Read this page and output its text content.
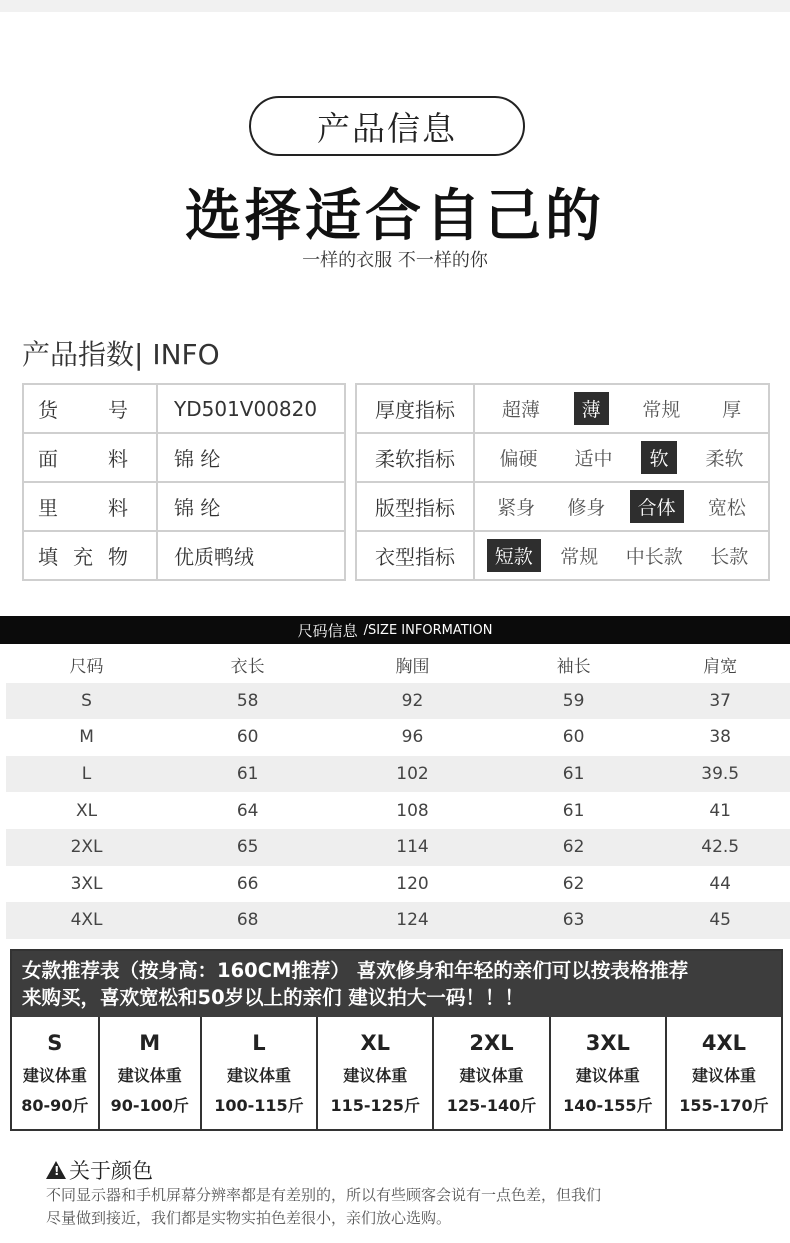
产品信息
选择适合自己的
一样的衣服 不一样的你
产品指数| INFO
货 号	YD501V00820

面 料	锦 纶

里 料	锦 纶

填 充 物	优质鸭绒
厚度指标	超薄 薄 常规 厚

柔软指标	偏硬 适中 软 柔软

版型指标	紧身 修身 合体 宽松

衣型指标	短款 常规 中长款 长款
尺码信息 /SIZE INFORMATION
尺码	衣长	胸围	袖长	肩宽
S	58	92	59	37
M	60	96	60	38
L	61	102	61	39.5
XL	64	108	61	41
2XL	65	114	62	42.5
3XL	66	120	62	44
4XL	68	124	63	45
女款推荐表（按身高：160CM推荐） 喜欢修身和年轻的亲们可以按表格推荐
来购买，喜欢宽松和50岁以上的亲们 建议拍大一码！！！
S
建议体重
80-90斤

M
建议体重
90-100斤

L
建议体重
100-115斤

XL
建议体重
115-125斤

2XL
建议体重
125-140斤

3XL
建议体重
140-155斤

4XL
建议体重
155-170斤
! 关于颜色
不同显示器和手机屏幕分辨率都是有差别的，所以有些顾客会说有一点色差，但我们
尽量做到接近，我们都是实物实拍色差很小，亲们放心选购。
